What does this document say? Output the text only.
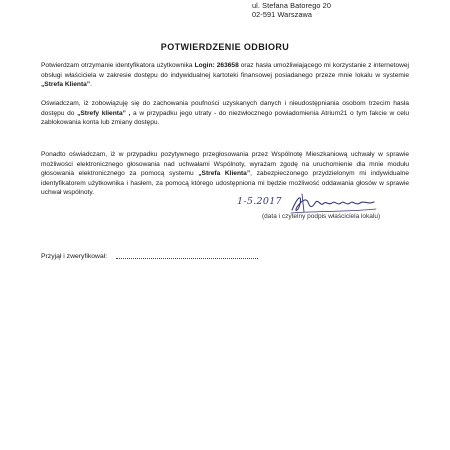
ul. Stefana Batorego 20
02-591 Warszawa
POTWIERDZENIE ODBIORU

Potwierdzam otrzymanie identyfikatora użytkownika Login: 263658 oraz hasła umożliwiającego mi korzystanie z internetowej obsługi właściciela w zakresie dostępu do indywidualnej kartoteki finansowej posiadanego przeze mnie lokalu w systemie „Strefa Klienta”.

Oświadczam, iż zobowiązuję się do zachowania poufności uzyskanych danych i nieudostępniania osobom trzecim hasła dostępu do „Strefy klienta” , a w przypadku jego utraty - do niezwłocznego powiadomienia Atrium21 o tym fakcie w celu zablokowania konta lub zmiany dostępu.

Ponadto oświadczam, iż w przypadku pozytywnego przegłosowania przez Wspólnotę Mieszkaniową uchwały w sprawie możliwości elektronicznego głosowania nad uchwałami Wspólnoty, wyrażam zgodę na uruchomienie dla mnie modułu głosowania elektronicznego za pomocą systemu „Strefa Klienta”, zabezpieczonego przydzielonym mi indywidualne identyfikatorem użytkownika i hasłem, za pomocą którego udostępniona mi będzie możliwość oddawania głosów w sprawie uchwał wspólnoty.

1-5.2017
(data i czytelny podpis właściciela lokalu)
Przyjął i zweryfikował:
